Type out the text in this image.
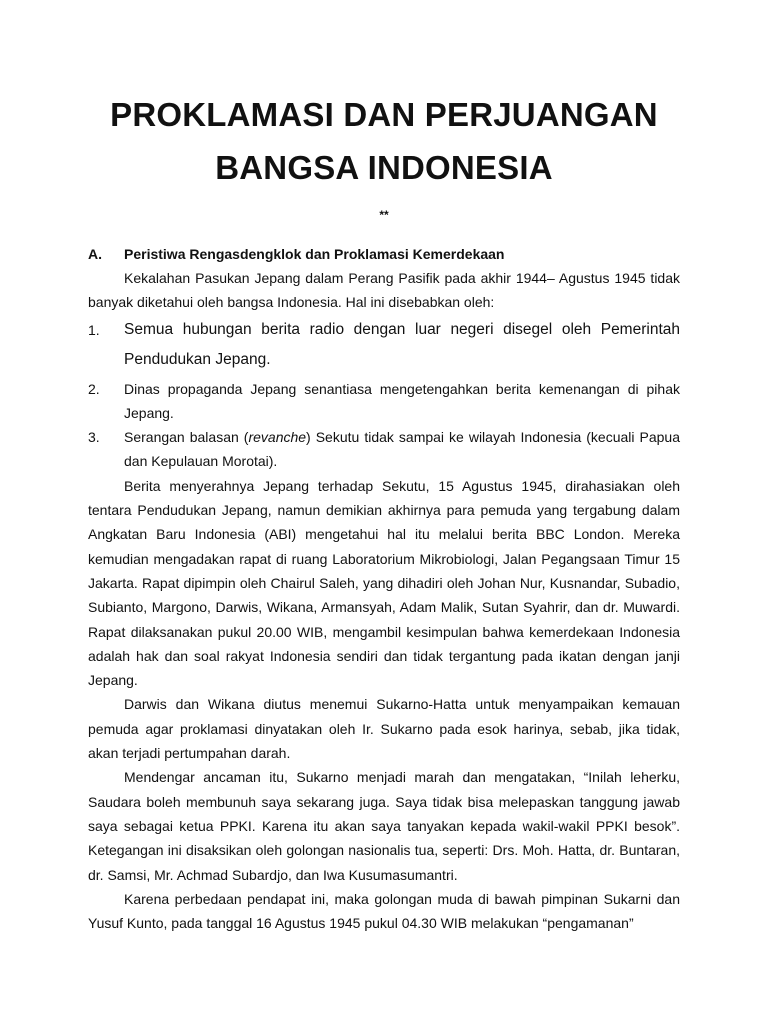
PROKLAMASI DAN PERJUANGAN
BANGSA INDONESIA
**
A.	Peristiwa Rengasdengklok dan Proklamasi Kemerdekaan

Kekalahan Pasukan Jepang dalam Perang Pasifik pada akhir 1944– Agustus 1945 tidak banyak diketahui oleh bangsa Indonesia. Hal ini disebabkan oleh:

1.	Semua hubungan berita radio dengan luar negeri disegel oleh Pemerintah Pendudukan Jepang.
2.	Dinas propaganda Jepang senantiasa mengetengahkan berita kemenangan di pihak Jepang.
3.	Serangan balasan (revanche) Sekutu tidak sampai ke wilayah Indonesia (kecuali Papua dan Kepulauan Morotai).

Berita menyerahnya Jepang terhadap Sekutu, 15 Agustus 1945, dirahasiakan oleh tentara Pendudukan Jepang, namun demikian akhirnya para pemuda yang tergabung dalam Angkatan Baru Indonesia (ABI) mengetahui hal itu melalui berita BBC London. Mereka kemudian mengadakan rapat di ruang Laboratorium Mikrobiologi, Jalan Pegangsaan Timur 15 Jakarta. Rapat dipimpin oleh Chairul Saleh, yang dihadiri oleh Johan Nur, Kusnandar, Subadio, Subianto, Margono, Darwis, Wikana, Armansyah, Adam Malik, Sutan Syahrir, dan dr. Muwardi. Rapat dilaksanakan pukul 20.00 WIB, mengambil kesimpulan bahwa kemerdekaan Indonesia adalah hak dan soal rakyat Indonesia sendiri dan tidak tergantung pada ikatan dengan janji Jepang.

Darwis dan Wikana diutus menemui Sukarno-Hatta untuk menyampaikan kemauan pemuda agar proklamasi dinyatakan oleh Ir. Sukarno pada esok harinya, sebab, jika tidak, akan terjadi pertumpahan darah.

Mendengar ancaman itu, Sukarno menjadi marah dan mengatakan, “Inilah leherku, Saudara boleh membunuh saya sekarang juga. Saya tidak bisa melepaskan tanggung jawab saya sebagai ketua PPKI. Karena itu akan saya tanyakan kepada wakil-wakil PPKI besok”. Ketegangan ini disaksikan oleh golongan nasionalis tua, seperti: Drs. Moh. Hatta, dr. Buntaran, dr. Samsi, Mr. Achmad Subardjo, dan Iwa Kusumasumantri.

Karena perbedaan pendapat ini, maka golongan muda di bawah pimpinan Sukarni dan Yusuf Kunto, pada tanggal 16 Agustus 1945 pukul 04.30 WIB melakukan “pengamanan”
